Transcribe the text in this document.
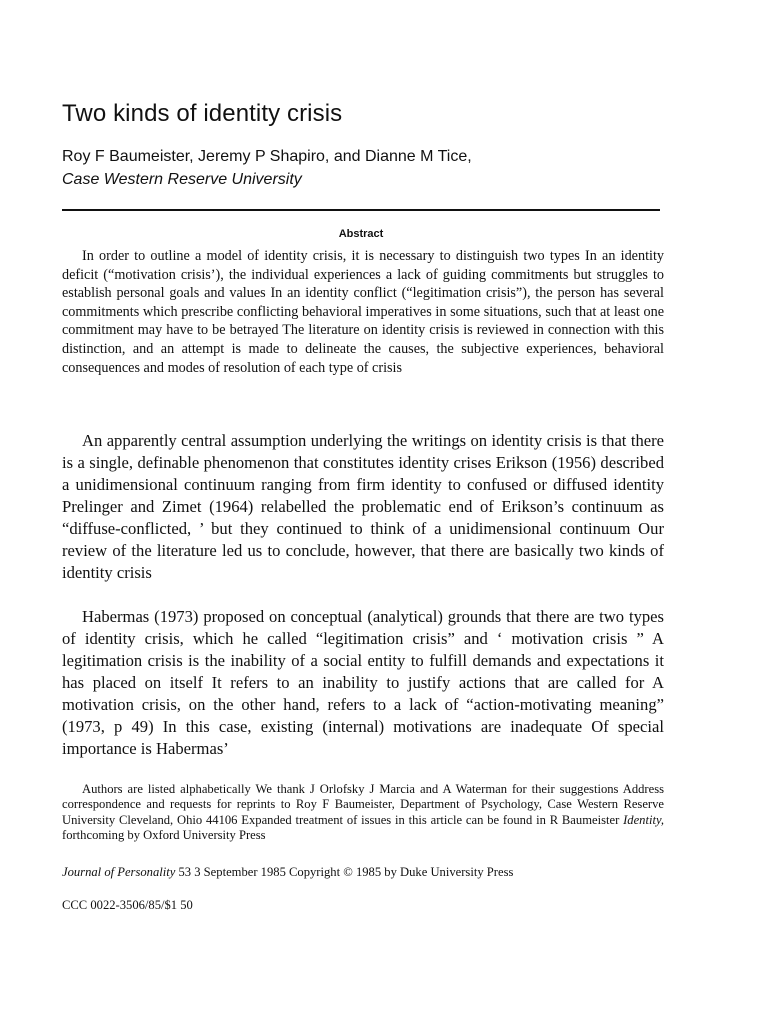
Two kinds of identity crisis
Roy F Baumeister, Jeremy P Shapiro, and Dianne M Tice,
Case Western Reserve University
Abstract

In order to outline a model of identity crisis, it is necessary to distinguish two types In an identity deficit (“motivation crisis’), the individual experiences a lack of guiding commitments but struggles to establish personal goals and values In an identity conflict (“legitimation crisis”), the person has several commitments which prescribe conflicting behavioral imperatives in some situations, such that at least one commitment may have to be betrayed The literature on identity crisis is reviewed in connection with this distinction, and an attempt is made to delineate the causes, the subjective experiences, behavioral consequences and modes of resolution of each type of crisis

An apparently central assumption underlying the writings on identity crisis is that there is a single, definable phenomenon that constitutes identity crises Erikson (1956) described a unidimensional continuum ranging from firm identity to confused or diffused identity Prelinger and Zimet (1964) relabelled the problematic end of Erikson’s continuum as “diffuse-conflicted, ’ but they continued to think of a unidimensional continuum Our review of the literature led us to conclude, however, that there are basically two kinds of identity crisis

Habermas (1973) proposed on conceptual (analytical) grounds that there are two types of identity crisis, which he called “legitimation crisis” and ‘ motivation crisis ” A legitimation crisis is the inability of a social entity to fulfill demands and expectations it has placed on itself It refers to an inability to justify actions that are called for A motivation crisis, on the other hand, refers to a lack of “action-motivating meaning” (1973, p 49) In this case, existing (internal) motivations are inadequate Of special importance is Habermas’

Authors are listed alphabetically We thank J Orlofsky J Marcia and A Waterman for their suggestions Address correspondence and requests for reprints to Roy F Baumeister, Department of Psychology, Case Western Reserve University Cleveland, Ohio 44106 Expanded treatment of issues in this article can be found in R Baumeister Identity, forthcoming by Oxford University Press

Journal of Personality 53 3 September 1985 Copyright © 1985 by Duke University Press

CCC 0022-3506/85/$1 50
